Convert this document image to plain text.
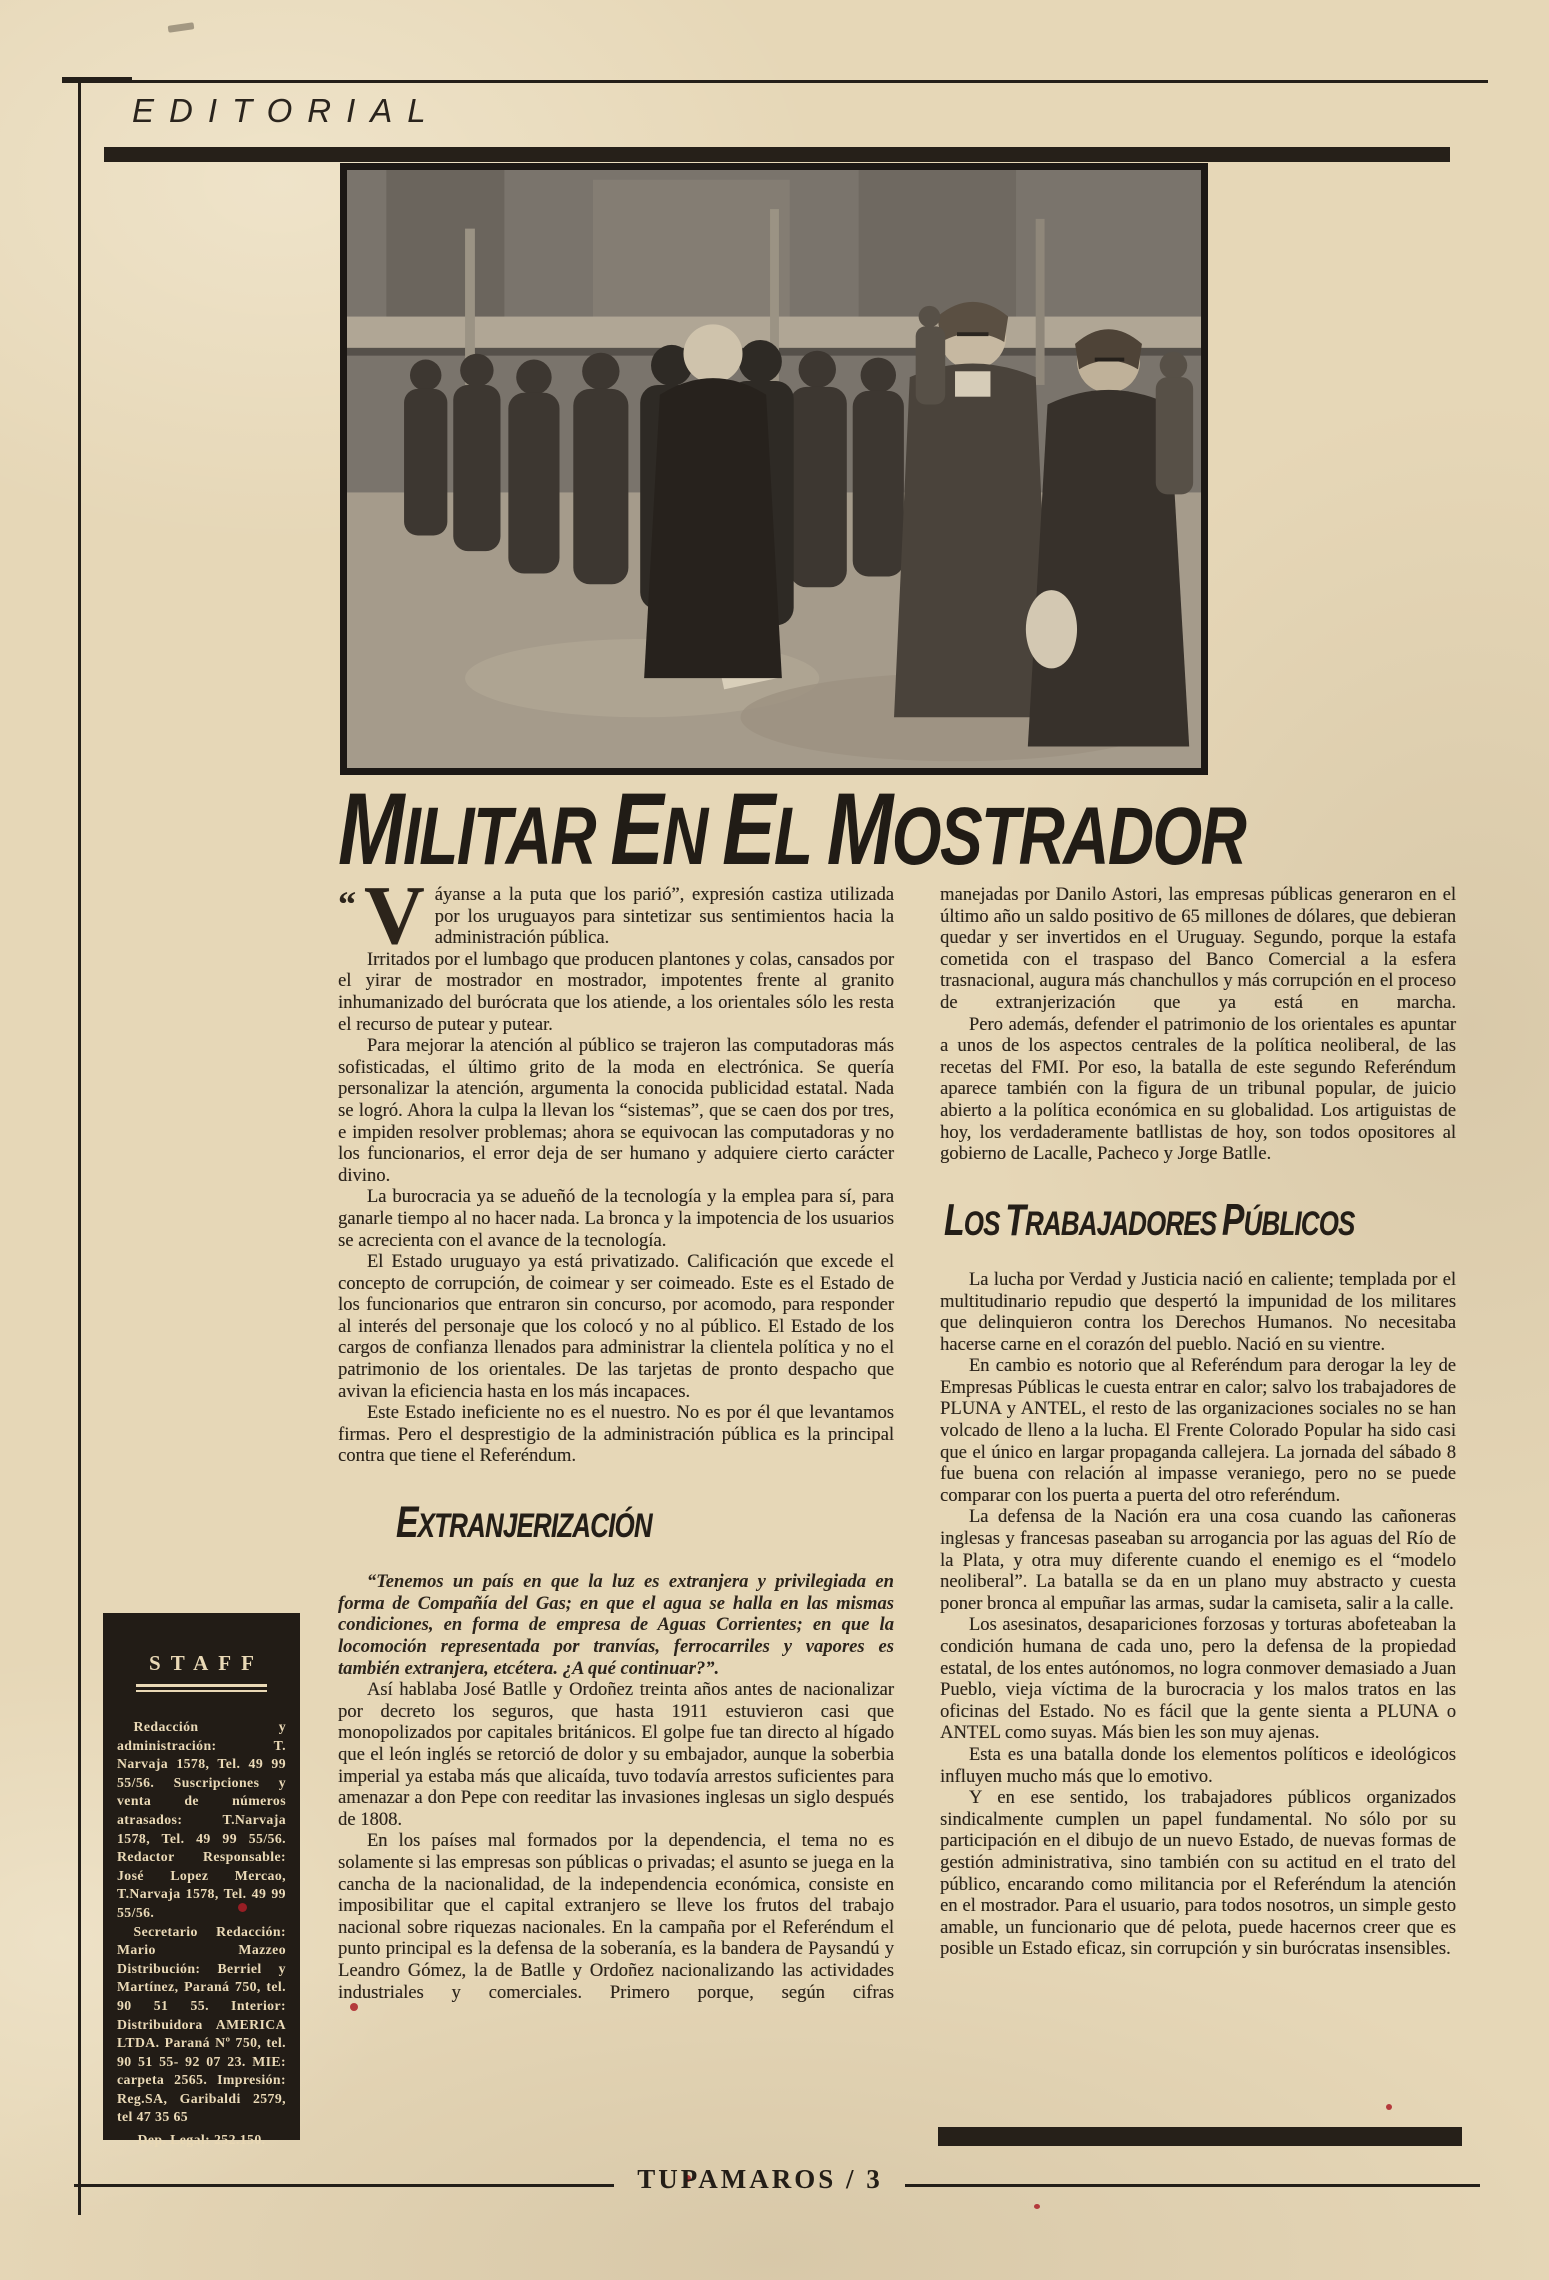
EDITORIAL
MILITAR EN EL MOSTRADOR

“ V áyanse a la puta que los parió”, expresión castiza utilizada por los uruguayos para sintetizar sus sentimientos hacia la administración pública.

Irritados por el lumbago que producen plantones y colas, cansados por el yirar de mostrador en mostrador, impotentes frente al granito inhumanizado del burócrata que los atiende, a los orientales sólo les resta el recurso de putear y putear.

Para mejorar la atención al público se trajeron las computadoras más sofisticadas, el último grito de la moda en electrónica. Se quería personalizar la atención, argumenta la conocida publicidad estatal. Nada se logró. Ahora la culpa la llevan los “sistemas”, que se caen dos por tres, e impiden resolver problemas; ahora se equivocan las computadoras y no los funcionarios, el error deja de ser humano y adquiere cierto carácter divino.

La burocracia ya se adueñó de la tecnología y la emplea para sí, para ganarle tiempo al no hacer nada. La bronca y la impotencia de los usuarios se acrecienta con el avance de la tecnología.

El Estado uruguayo ya está privatizado. Calificación que excede el concepto de corrupción, de coimear y ser coimeado. Este es el Estado de los funcionarios que entraron sin concurso, por acomodo, para responder al interés del personaje que los colocó y no al público. El Estado de los cargos de confianza llenados para administrar la clientela política y no el patrimonio de los orientales. De las tarjetas de pronto despacho que avivan la eficiencia hasta en los más incapaces.

Este Estado ineficiente no es el nuestro. No es por él que levantamos firmas. Pero el desprestigio de la administración pública es la principal contra que tiene el Referéndum.

EXTRANJERIZACIÓN

“Tenemos un país en que la luz es extranjera y privilegiada en forma de Compañía del Gas; en que el agua se halla en las mismas condiciones, en forma de empresa de Aguas Corrientes; en que la locomoción representada por tranvías, ferrocarriles y vapores es también extranjera, etcétera. ¿A qué continuar?”.

Así hablaba José Batlle y Ordoñez treinta años antes de nacionalizar por decreto los seguros, que hasta 1911 estuvieron casi que monopolizados por capitales británicos. El golpe fue tan directo al hígado que el león inglés se retorció de dolor y su embajador, aunque la soberbia imperial ya estaba más que alicaída, tuvo todavía arrestos suficientes para amenazar a don Pepe con reeditar las invasiones inglesas un siglo después de 1808.

En los países mal formados por la dependencia, el tema no es solamente si las empresas son públicas o privadas; el asunto se juega en la cancha de la nacionalidad, de la independencia económica, consiste en imposibilitar que el capital extranjero se lleve los frutos del trabajo nacional sobre riquezas nacionales. En la campaña por el Referéndum el punto principal es la defensa de la soberanía, es la bandera de Paysandú y Leandro Gómez, la de Batlle y Ordoñez nacionalizando las actividades industriales y comerciales. Primero porque, según cifras

manejadas por Danilo Astori, las empresas públicas generaron en el último año un saldo positivo de 65 millones de dólares, que debieran quedar y ser invertidos en el Uruguay. Segundo, porque la estafa cometida con el traspaso del Banco Comercial a la esfera trasnacional, augura más chanchullos y más corrupción en el proceso de extranjerización que ya está en marcha.

Pero además, defender el patrimonio de los orientales es apuntar a unos de los aspectos centrales de la política neoliberal, de las recetas del FMI. Por eso, la batalla de este segundo Referéndum aparece también con la figura de un tribunal popular, de juicio abierto a la política económica en su globalidad. Los artiguistas de hoy, los verdaderamente batllistas de hoy, son todos opositores al gobierno de Lacalle, Pacheco y Jorge Batlle.

LOS TRABAJADORES PÚBLICOS

La lucha por Verdad y Justicia nació en caliente; templada por el multitudinario repudio que despertó la impunidad de los militares que delinquieron contra los Derechos Humanos. No necesitaba hacerse carne en el corazón del pueblo. Nació en su vientre.

En cambio es notorio que al Referéndum para derogar la ley de Empresas Públicas le cuesta entrar en calor; salvo los trabajadores de PLUNA y ANTEL, el resto de las organizaciones sociales no se han volcado de lleno a la lucha. El Frente Colorado Popular ha sido casi que el único en largar propaganda callejera. La jornada del sábado 8 fue buena con relación al impasse veraniego, pero no se puede comparar con los puerta a puerta del otro referéndum.

La defensa de la Nación era una cosa cuando las cañoneras inglesas y francesas paseaban su arrogancia por las aguas del Río de la Plata, y otra muy diferente cuando el enemigo es el “modelo neoliberal”. La batalla se da en un plano muy abstracto y cuesta poner bronca al empuñar las armas, sudar la camiseta, salir a la calle.

Los asesinatos, desapariciones forzosas y torturas abofeteaban la condición humana de cada uno, pero la defensa de la propiedad estatal, de los entes autónomos, no logra conmover demasiado a Juan Pueblo, vieja víctima de la burocracia y los malos tratos en las oficinas del Estado. No es fácil que la gente sienta a PLUNA o ANTEL como suyas. Más bien les son muy ajenas.

Esta es una batalla donde los elementos políticos e ideológicos influyen mucho más que lo emotivo.

Y en ese sentido, los trabajadores públicos organizados sindicalmente cumplen un papel fundamental. No sólo por su participación en el dibujo de un nuevo Estado, de nuevas formas de gestión administrativa, sino también con su actitud en el trato del público, encarando como militancia por el Referéndum la atención en el mostrador. Para el usuario, para todos nosotros, un simple gesto amable, un funcionario que dé pelota, puede hacernos creer que es posible un Estado eficaz, sin corrupción y sin burócratas insensibles.

STAFF

Redacción y administración: T. Narvaja 1578, Tel. 49 99 55/56. Suscripciones y venta de números atrasados: T.Narvaja 1578, Tel. 49 99 55/56. Redactor Responsable: José Lopez Mercao, T.Narvaja 1578, Tel. 49 99 55/56.

Secretario Redacción: Mario Mazzeo Distribución: Berriel y Martínez, Paraná 750, tel. 90 51 55. Interior: Distribuidora AMERICA LTDA. Paraná Nº 750, tel. 90 51 55- 92 07 23. MIE: carpeta 2565. Impresión: Reg.SA, Garibaldi 2579, tel 47 35 65

Dep. Legal: 252.150.

TUPAMAROS / 3
